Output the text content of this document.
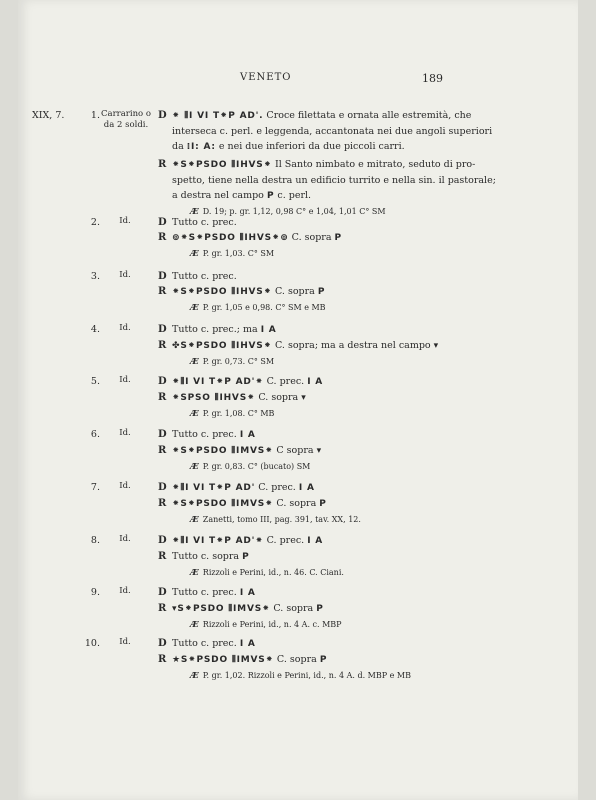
VENETO	189
XIX, 7.	1. Carrarino o da 2 soldi.
D ⁕ ⦀I VI T⁕P AD'. Croce filettata e ornata alle estremità, che
interseca c. perl. e leggenda, accantonata nei due angoli superiori
da ⁞I: A: e nei due inferiori da due piccoli carri.
R ⁕S⁕PSDO ⦀IHVS⁕ Il Santo nimbato e mitrato, seduto di pro-
spetto, tiene nella destra un edificio turrito e nella sin. il pastorale;
a destra nel campo P c. perl.
Æ D. 19; p. gr. 1,12, 0,98 C° e 1,04, 1,01 C° SM
2.	Id.	D Tutto c. prec.
R ⊚⁕S⁕PSDO ⦀IHVS⁕⊚ C. sopra P
Æ P. gr. 1,03. C° SM
3.	Id.	D Tutto c. prec.
R ⁕S⁕PSDO ⦀IHVS⁕ C. sopra P
Æ P. gr. 1,05 e 0,98. C° SM e MB
4.	Id.	D Tutto c. prec.; ma I A
R ✤S⁕PSDO ⦀IHVS⁕ C. sopra; ma a destra nel campo ▾
Æ P. gr. 0,73. C° SM
5.	Id.	D ⁕⦀I VI T⁕P AD'⁕ C. prec. I A
R ⁕SPSO ⦀IHVS⁕ C. sopra ▾
Æ P. gr. 1,08. C° MB
6.	Id.	D Tutto c. prec. I A
R ⁕S⁕PSDO ⦀IMVS⁕ C sopra ▾
Æ P. gr. 0,83. C° (bucato) SM
7.	Id.	D ⁕⦀I VI T⁕P AD' C. prec. I A
R ⁕S⁕PSDO ⦀IMVS⁕ C. sopra P
Æ Zanetti, tomo III, pag. 391, tav. XX, 12.
8.	Id.	D ⁕⦀I VI T⁕P AD'⁕ C. prec. I A
R Tutto c. sopra P
Æ Rizzoli e Perini, id., n. 46. C. Ciani.
9.	Id.	D Tutto c. prec. I A
R ▾S⁕PSDO ⦀IMVS⁕ C. sopra P
Æ Rizzoli e Perini, id., n. 4 A. c. MBP
10.	Id.	D Tutto c. prec. I A
R ★S⁕PSDO ⦀IMVS⁕ C. sopra P
Æ P. gr. 1,02. Rizzoli e Perini, id., n. 4 A. d. MBP e MB
